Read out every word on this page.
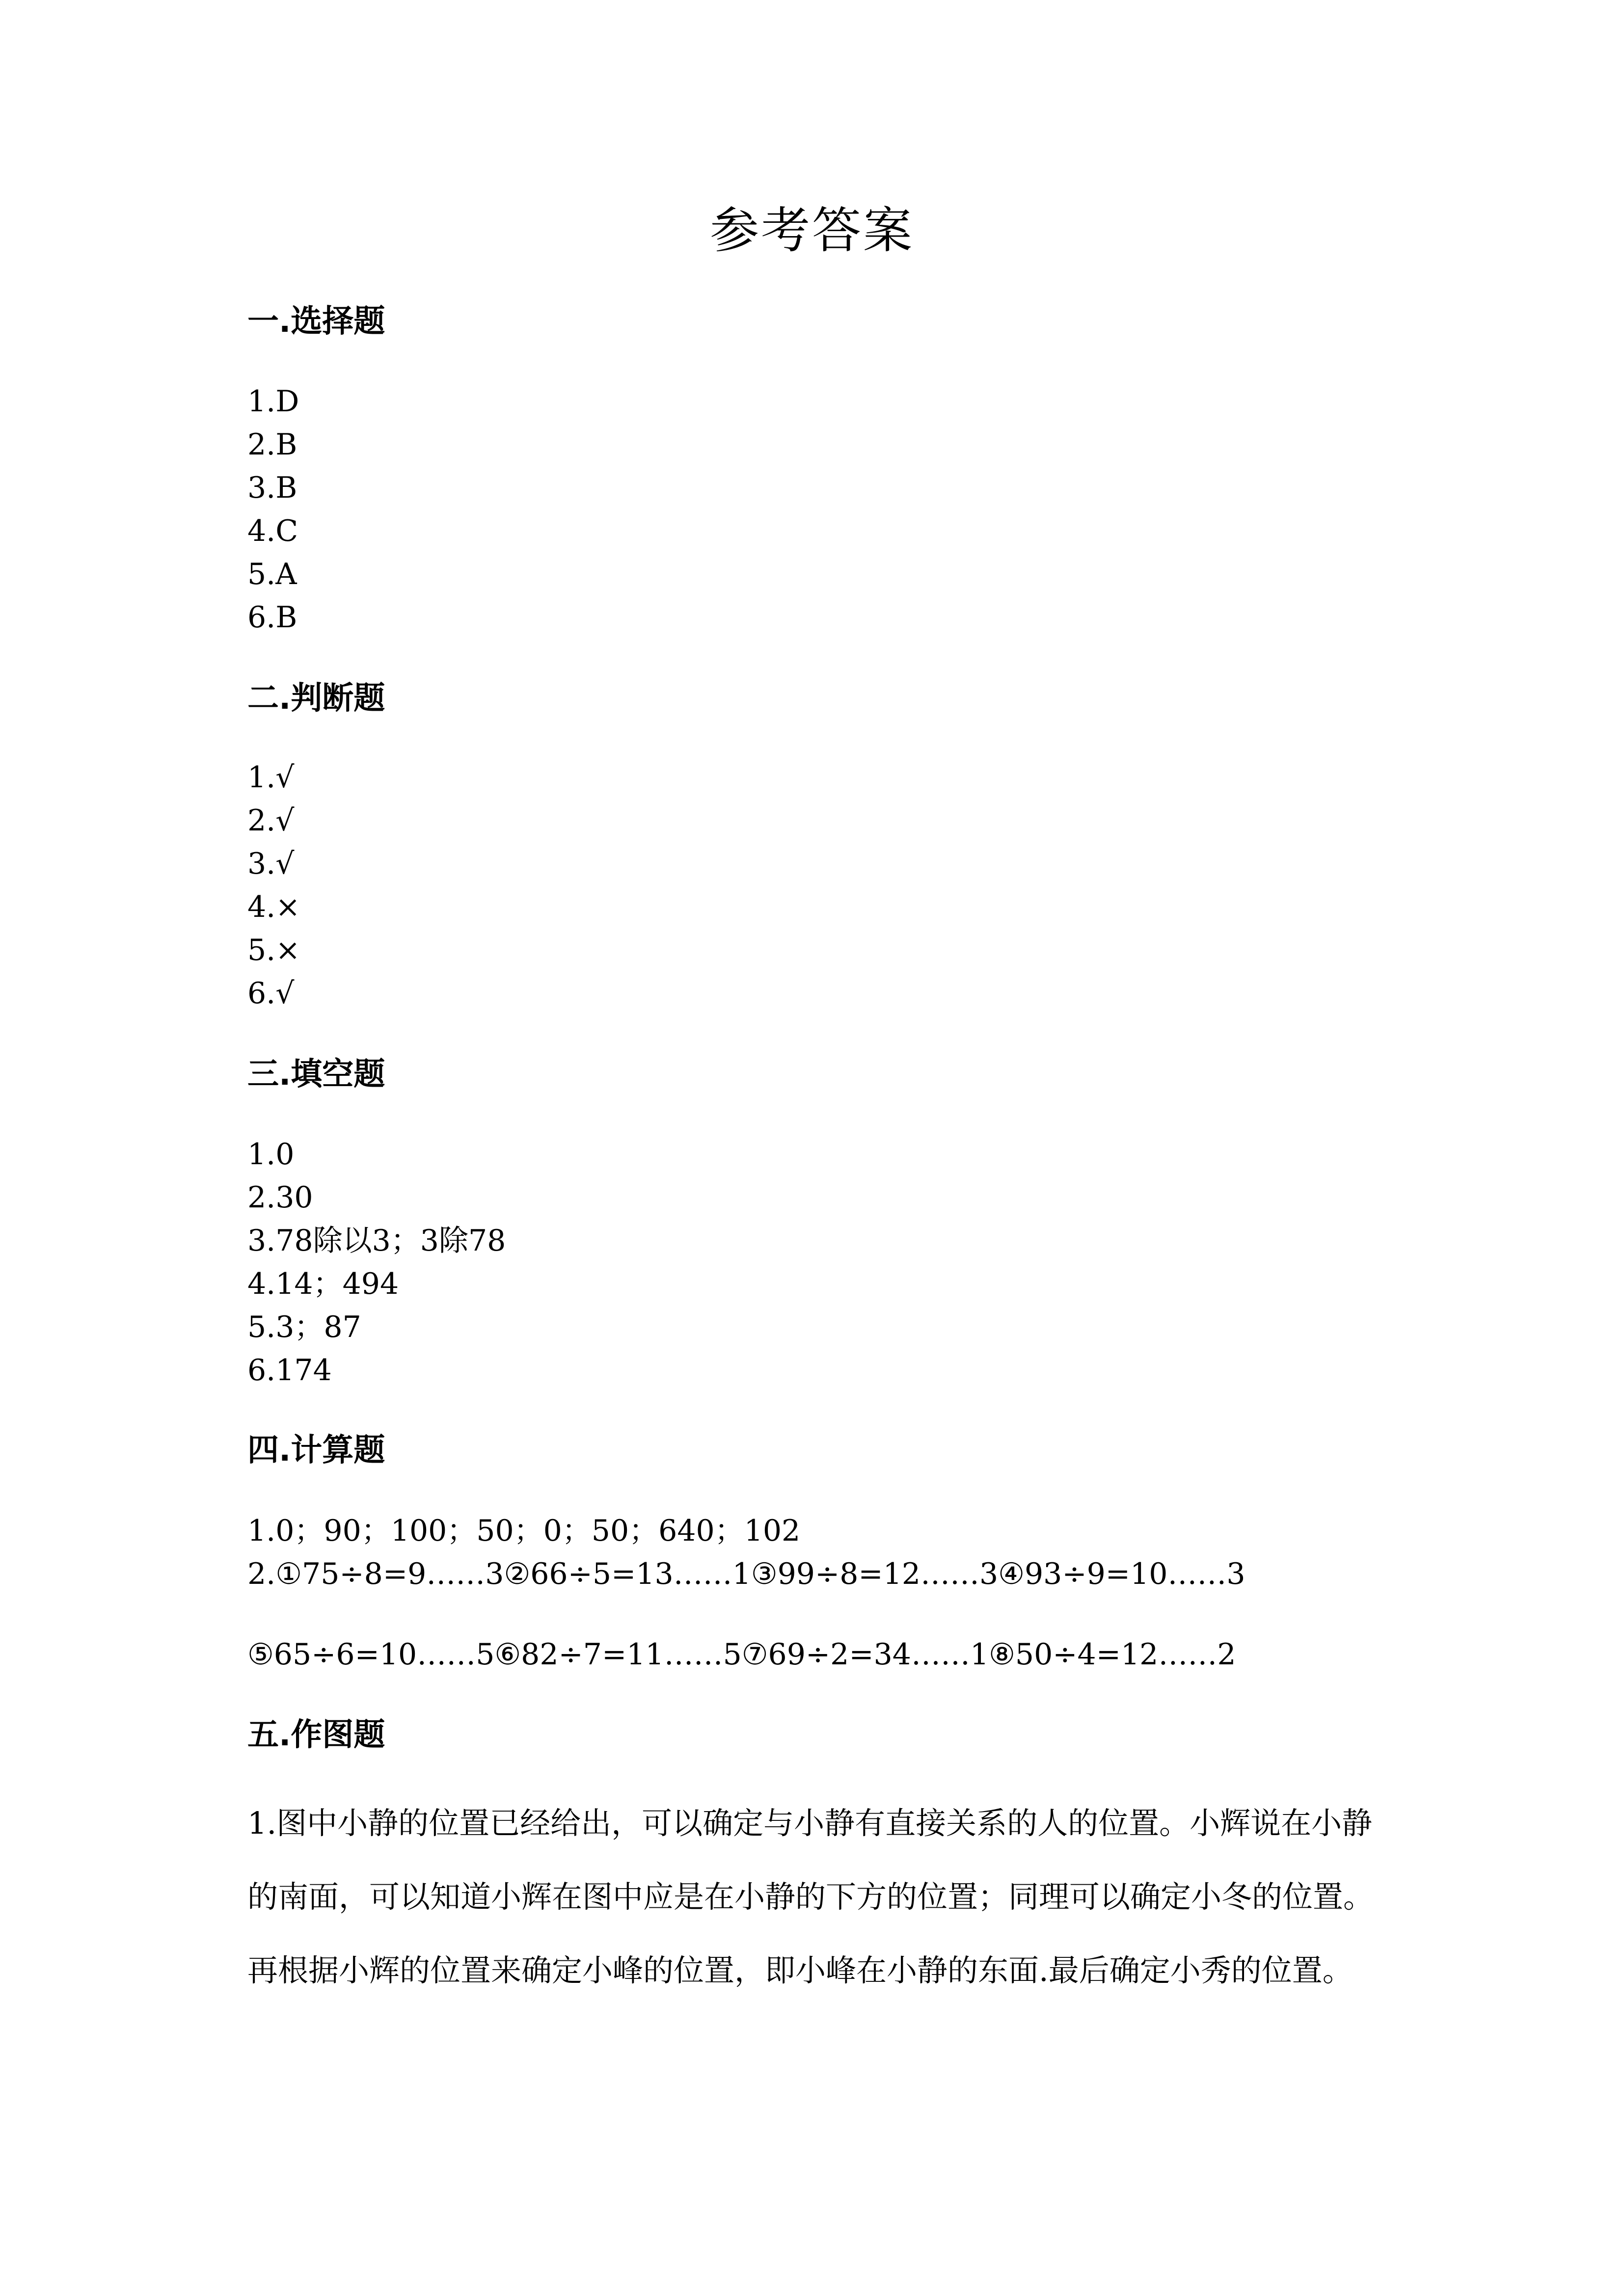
参考答案
一.选择题
1.D
2.B
3.B
4.C
5.A
6.B
二.判断题
1.√
2.√
3.√
4.×
5.×
6.√
三.填空题
1.0
2.30
3.78除以3；3除78
4.14；494
5.3；87
6.174
四.计算题
1.0；90；100；50；0；50；640；102
2.①75÷8=9……3②66÷5=13……1③99÷8=12……3④93÷9=10……3
⑤65÷6=10……5⑥82÷7=11……5⑦69÷2=34……1⑧50÷4=12……2
五.作图题

1.图中小静的位置已经给出，可以确定与小静有直接关系的人的位置。小辉说在小静的南面，可以知道小辉在图中应是在小静的下方的位置；同理可以确定小冬的位置。再根据小辉的位置来确定小峰的位置，即小峰在小静的东面.最后确定小秀的位置。
